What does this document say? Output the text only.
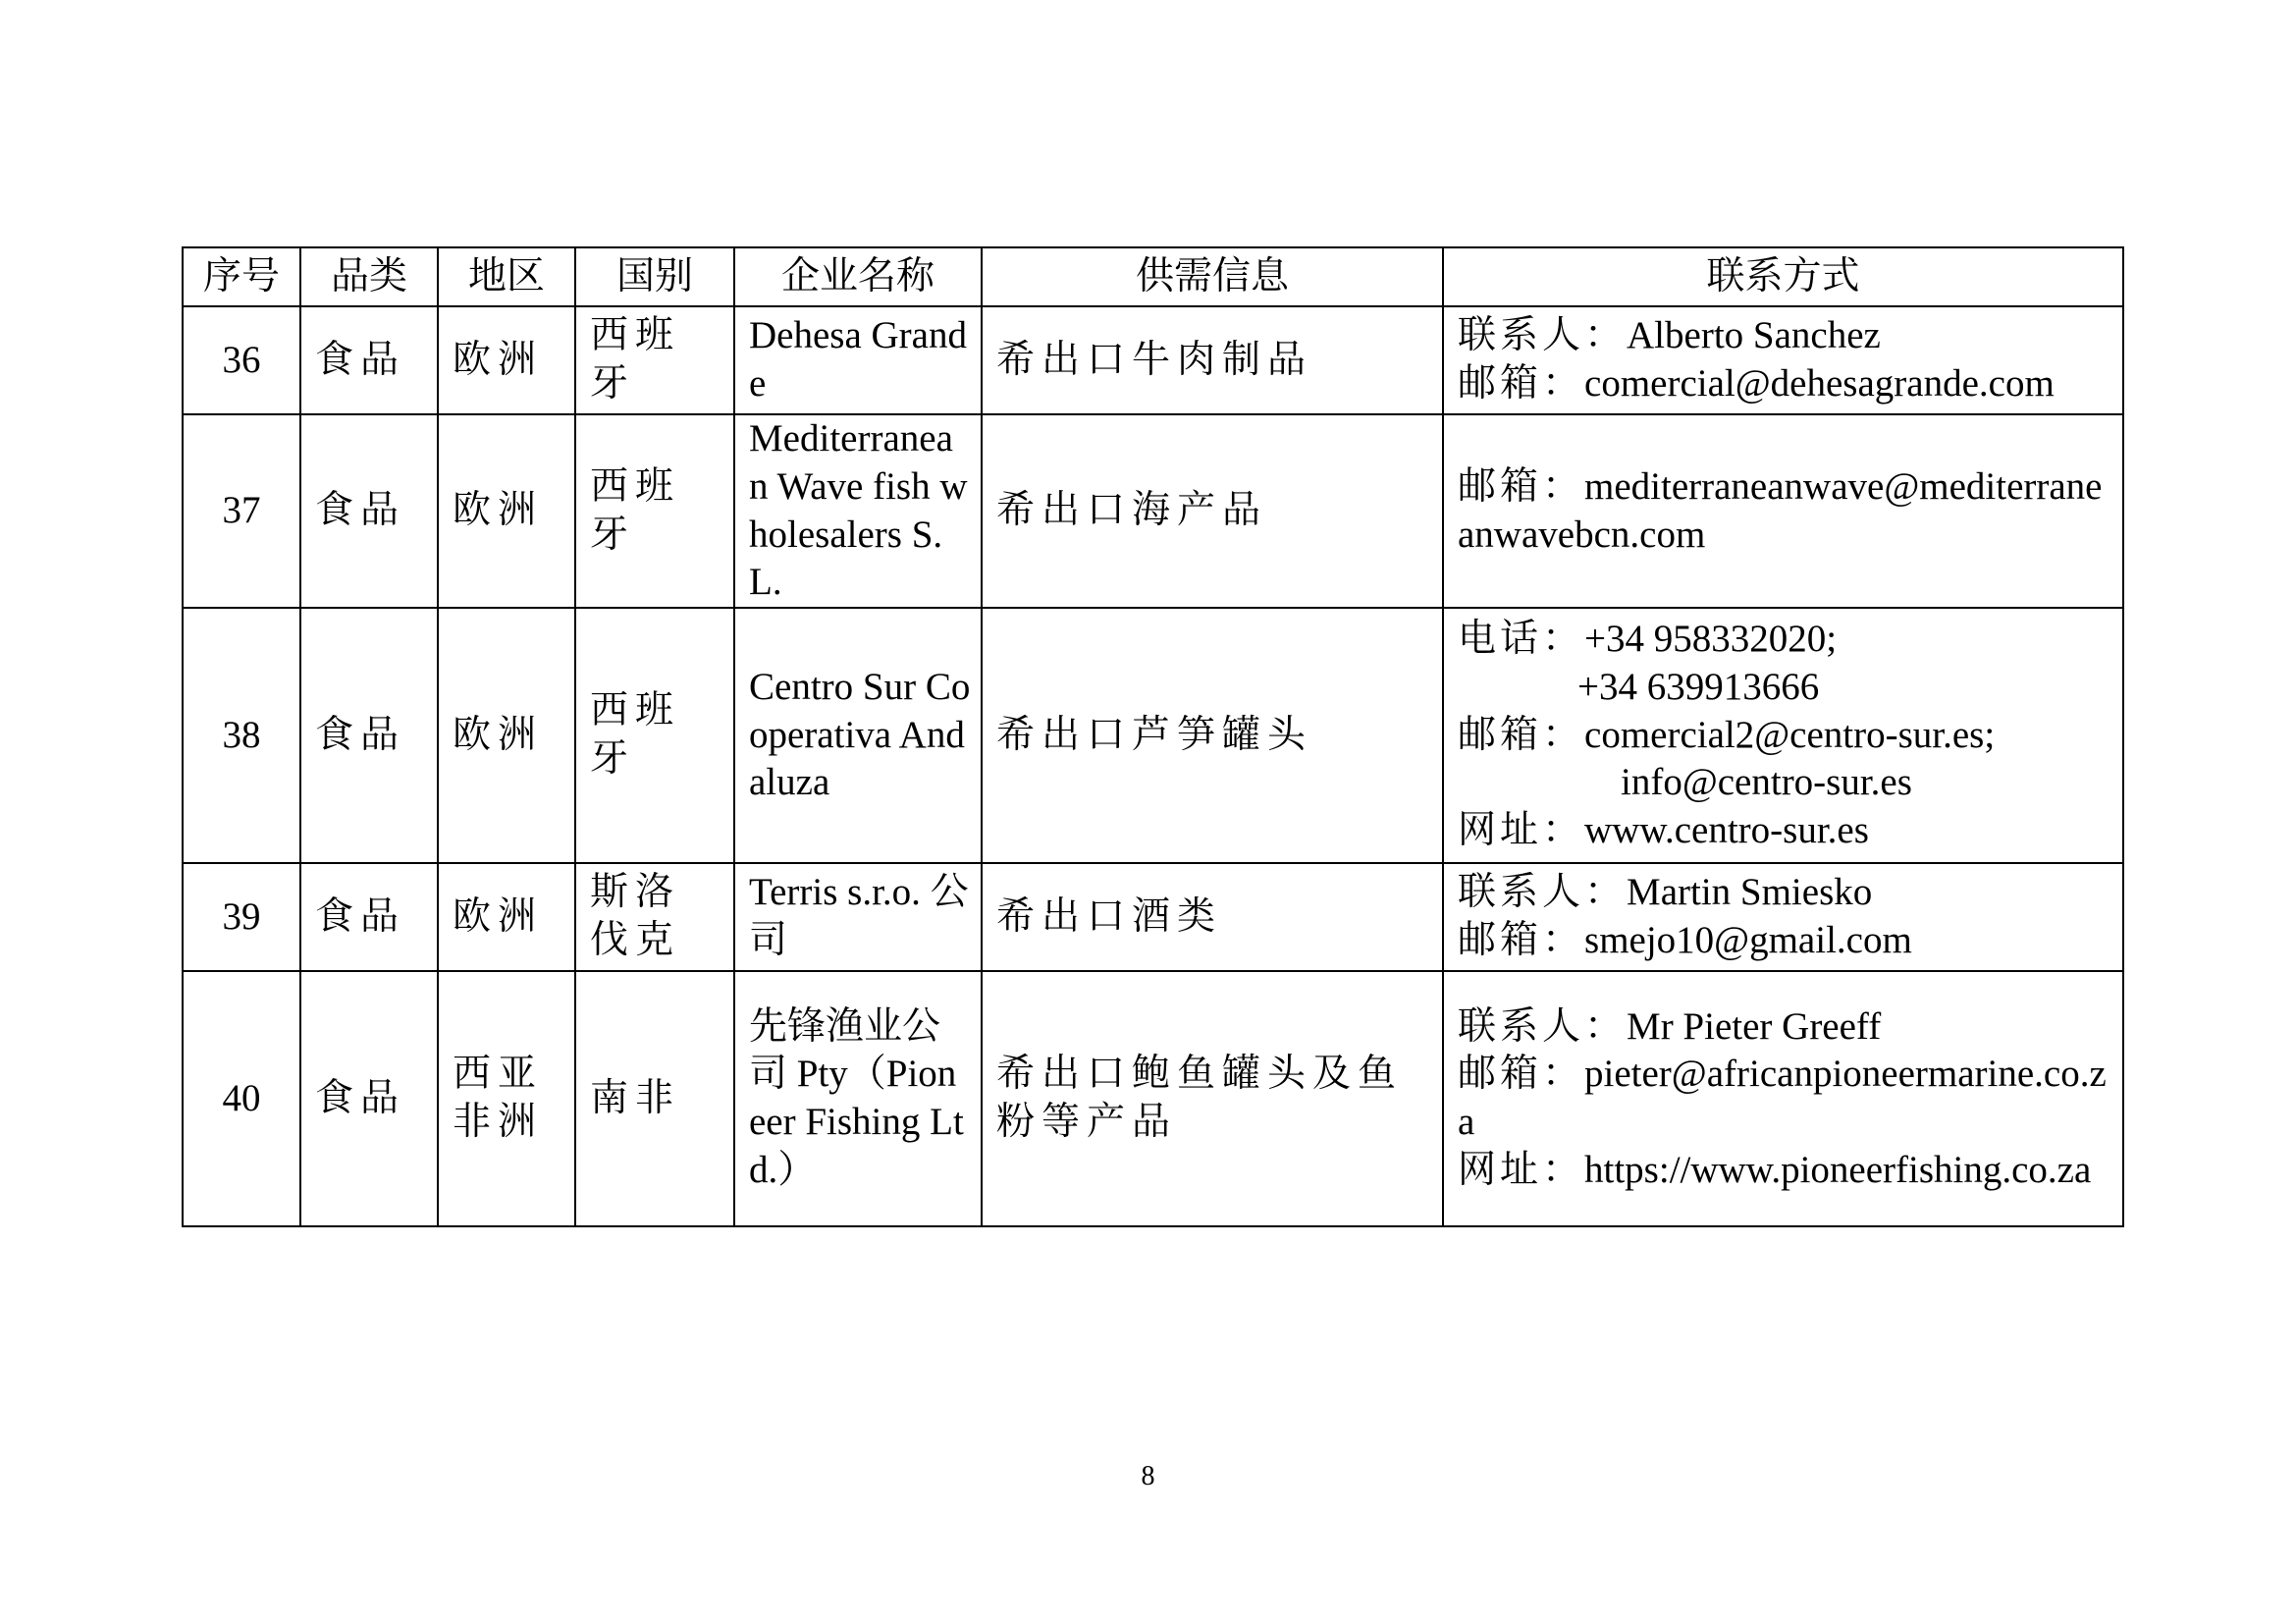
序号	品类	地区	国别	企业名称	供需信息	联系方式
36	食品	欧洲	西班牙	Dehesa Grande	希出口牛肉制品	联系人：Alberto Sanchez
邮箱：comercial@dehesagrande.com

37	食品	欧洲	西班牙	Mediterranean Wave fish wholesalers S.L.	希出口海产品	邮箱：mediterraneanwave@mediterraneanwavebcn.com

38	食品	欧洲	西班牙	Centro Sur Cooperativa Andaluza	希出口芦笋罐头	电话：+34 958332020;
+34 639913666
邮箱：comercial2@centro-sur.es;
info@centro-sur.es
网址：www.centro-sur.es

39	食品	欧洲	斯洛伐克	Terris s.r.o. 公司	希出口酒类	联系人：Martin Smiesko
邮箱：smejo10@gmail.com

40	食品	西亚非洲	南非	先锋渔业公司 Pty（Pioneer Fishing Ltd.）	希出口鲍鱼罐头及鱼粉等产品	联系人：Mr Pieter Greeff
邮箱：pieter@africanpioneermarine.co.za
网址：https://www.pioneerfishing.co.za
8
